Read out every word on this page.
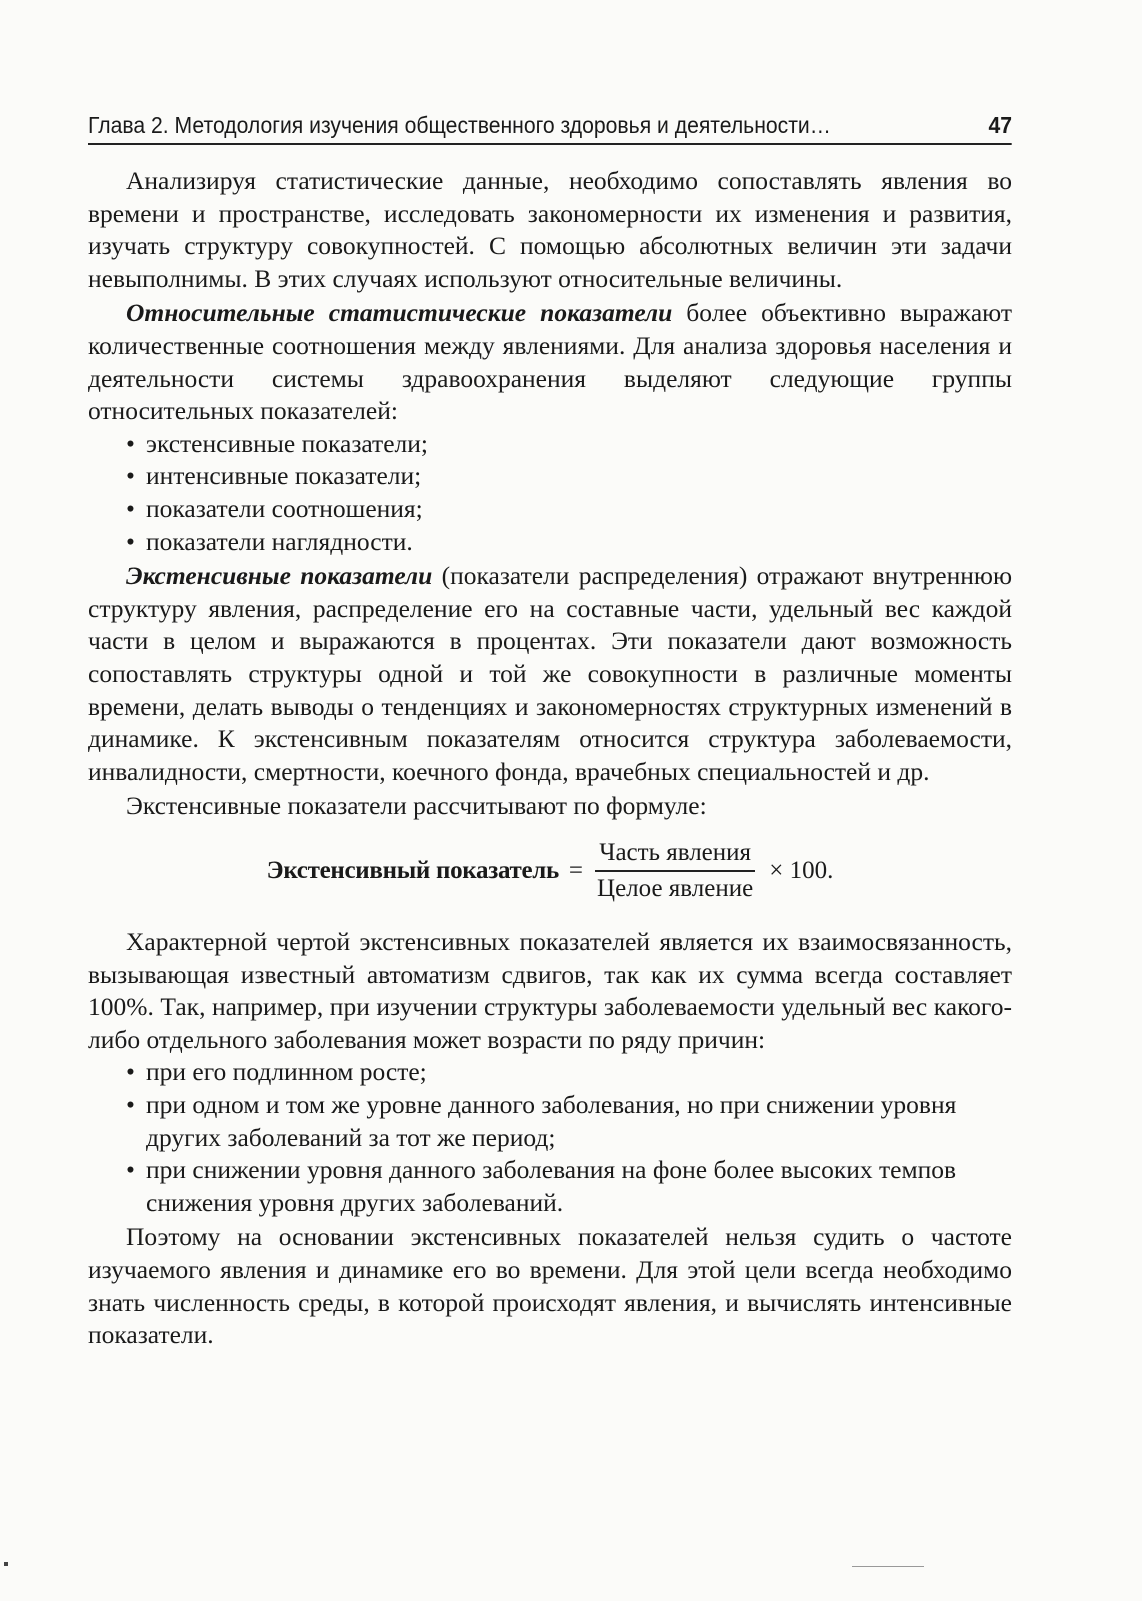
Глава 2. Методология изучения общественного здоровья и деятельности…	47

Анализируя статистические данные, необходимо сопоставлять явления во времени и пространстве, исследовать закономерности их изменения и развития, изучать структуру совокупностей. С помощью абсолютных величин эти задачи невыполнимы. В этих случаях используют относительные величины.

Относительные статистические показатели более объективно выражают количественные соотношения между явлениями. Для анализа здоровья населения и деятельности системы здравоохранения выделяют следующие группы относительных показателей:

• экстенсивные показатели;
• интенсивные показатели;
• показатели соотношения;
• показатели наглядности.

Экстенсивные показатели (показатели распределения) отражают внутреннюю структуру явления, распределение его на составные части, удельный вес каждой части в целом и выражаются в процентах. Эти показатели дают возможность сопоставлять структуры одной и той же совокупности в различные моменты времени, делать выводы о тенденциях и закономерностях структурных изменений в динамике. К экстенсивным показателям относится структура заболеваемости, инвалидности, смертности, коечного фонда, врачебных специальностей и др.

Экстенсивные показатели рассчитывают по формуле:

Экстенсивный показатель = $\frac{\text{Часть явления}}{\text{Целое явление}} \times 100$.

Характерной чертой экстенсивных показателей является их взаимосвязанность, вызывающая известный автоматизм сдвигов, так как их сумма всегда составляет 100%. Так, например, при изучении структуры заболеваемости удельный вес какого-либо отдельного заболевания может возрасти по ряду причин:

• при его подлинном росте;
• при одном и том же уровне данного заболевания, но при снижении уровня других заболеваний за тот же период;
• при снижении уровня данного заболевания на фоне более высоких темпов снижения уровня других заболеваний.

Поэтому на основании экстенсивных показателей нельзя судить о частоте изучаемого явления и динамике его во времени. Для этой цели всегда необходимо знать численность среды, в которой происходят явления, и вычислять интенсивные показатели.
